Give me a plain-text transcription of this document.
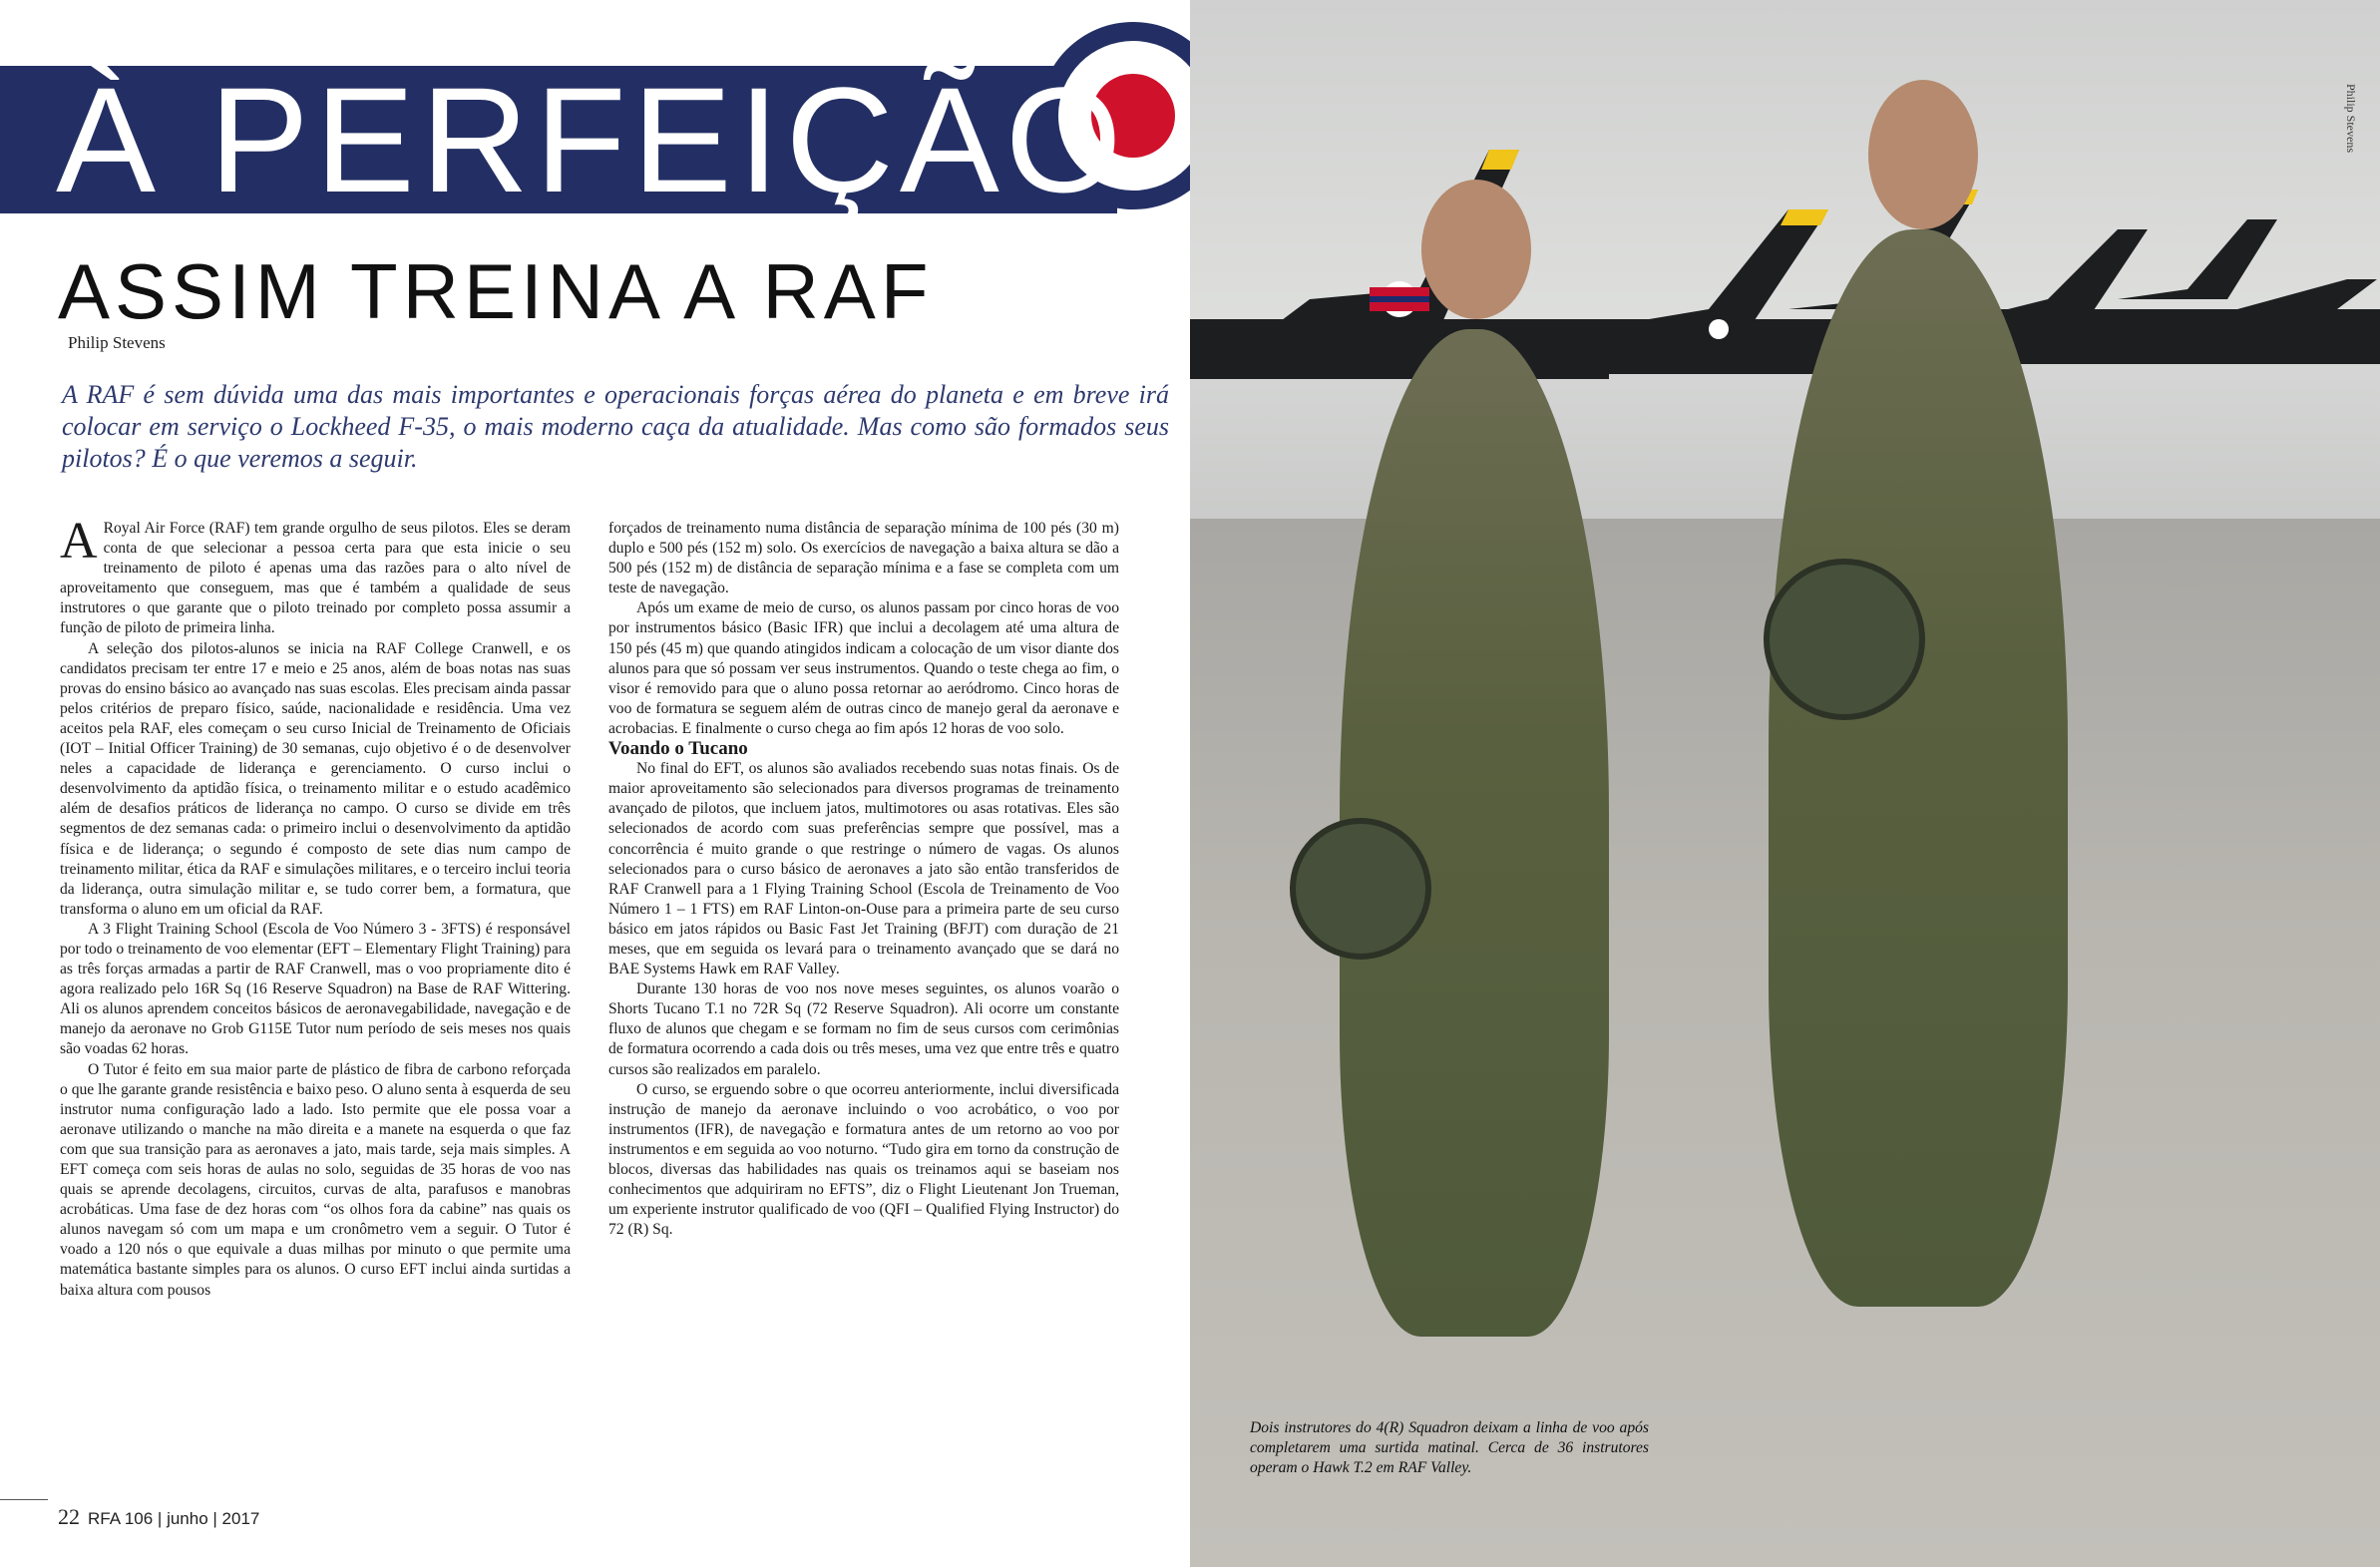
À PERFEIÇÃO
ASSIM TREINA A RAF
Philip Stevens
A RAF é sem dúvida uma das mais importantes e operacionais forças aérea do planeta e em breve irá colocar em serviço o Lockheed F-35, o mais moderno caça da atualidade. Mas como são formados seus pilotos? É o que veremos a seguir.

A Royal Air Force (RAF) tem grande orgulho de seus pilotos. Eles se deram conta de que selecionar a pessoa certa para que esta inicie o seu treinamento de piloto é apenas uma das razões para o alto nível de aproveitamento que conseguem, mas que é também a qualidade de seus instrutores o que garante que o piloto treinado por completo possa assumir a função de piloto de primeira linha.

A seleção dos pilotos-alunos se inicia na RAF College Cranwell, e os candidatos precisam ter entre 17 e meio e 25 anos, além de boas notas nas suas provas do ensino básico ao avançado nas suas escolas. Eles precisam ainda passar pelos critérios de preparo físico, saúde, nacionalidade e residência. Uma vez aceitos pela RAF, eles começam o seu curso Inicial de Treinamento de Oficiais (IOT – Initial Officer Training) de 30 semanas, cujo objetivo é o de desenvolver neles a capacidade de liderança e gerenciamento. O curso inclui o desenvolvimento da aptidão física, o treinamento militar e o estudo acadêmico além de desafios práticos de liderança no campo. O curso se divide em três segmentos de dez semanas cada: o primeiro inclui o desenvolvimento da aptidão física e de liderança; o segundo é composto de sete dias num campo de treinamento militar, ética da RAF e simulações militares, e o terceiro inclui teoria da liderança, outra simulação militar e, se tudo correr bem, a formatura, que transforma o aluno em um oficial da RAF.

A 3 Flight Training School (Escola de Voo Número 3 - 3FTS) é responsável por todo o treinamento de voo elementar (EFT – Elementary Flight Training) para as três forças armadas a partir de RAF Cranwell, mas o voo propriamente dito é agora realizado pelo 16R Sq (16 Reserve Squadron) na Base de RAF Wittering. Ali os alunos aprendem conceitos básicos de aeronavegabilidade, navegação e de manejo da aeronave no Grob G115E Tutor num período de seis meses nos quais são voadas 62 horas.

O Tutor é feito em sua maior parte de plástico de fibra de carbono reforçada o que lhe garante grande resistência e baixo peso. O aluno senta à esquerda de seu instrutor numa configuração lado a lado. Isto permite que ele possa voar a aeronave utilizando o manche na mão direita e a manete na esquerda o que faz com que sua transição para as aeronaves a jato, mais tarde, seja mais simples. A EFT começa com seis horas de aulas no solo, seguidas de 35 horas de voo nas quais se aprende decolagens, circuitos, curvas de alta, parafusos e manobras acrobáticas. Uma fase de dez horas com “os olhos fora da cabine” nas quais os alunos navegam só com um mapa e um cronômetro vem a seguir. O Tutor é voado a 120 nós o que equivale a duas milhas por minuto o que permite uma matemática bastante simples para os alunos. O curso EFT inclui ainda surtidas a baixa altura com pousos

forçados de treinamento numa distância de separação mínima de 100 pés (30 m) duplo e 500 pés (152 m) solo. Os exercícios de navegação a baixa altura se dão a 500 pés (152 m) de distância de separação mínima e a fase se completa com um teste de navegação.

Após um exame de meio de curso, os alunos passam por cinco horas de voo por instrumentos básico (Basic IFR) que inclui a decolagem até uma altura de 150 pés (45 m) que quando atingidos indicam a colocação de um visor diante dos alunos para que só possam ver seus instrumentos. Quando o teste chega ao fim, o visor é removido para que o aluno possa retornar ao aeródromo. Cinco horas de voo de formatura se seguem além de outras cinco de manejo geral da aeronave e acrobacias. E finalmente o curso chega ao fim após 12 horas de voo solo.

Voando o Tucano

No final do EFT, os alunos são avaliados recebendo suas notas finais. Os de maior aproveitamento são selecionados para diversos programas de treinamento avançado de pilotos, que incluem jatos, multimotores ou asas rotativas. Eles são selecionados de acordo com suas preferências sempre que possível, mas a concorrência é muito grande o que restringe o número de vagas. Os alunos selecionados para o curso básico de aeronaves a jato são então transferidos de RAF Cranwell para a 1 Flying Training School (Escola de Treinamento de Voo Número 1 – 1 FTS) em RAF Linton-on-Ouse para a primeira parte de seu curso básico em jatos rápidos ou Basic Fast Jet Training (BFJT) com duração de 21 meses, que em seguida os levará para o treinamento avançado que se dará no BAE Systems Hawk em RAF Valley.

Durante 130 horas de voo nos nove meses seguintes, os alunos voarão o Shorts Tucano T.1 no 72R Sq (72 Reserve Squadron). Ali ocorre um constante fluxo de alunos que chegam e se formam no fim de seus cursos com cerimônias de formatura ocorrendo a cada dois ou três meses, uma vez que entre três e quatro cursos são realizados em paralelo.

O curso, se erguendo sobre o que ocorreu anteriormente, inclui diversificada instrução de manejo da aeronave incluindo o voo acrobático, o voo por instrumentos (IFR), de navegação e formatura antes de um retorno ao voo por instrumentos e em seguida ao voo noturno. “Tudo gira em torno da construção de blocos, diversas das habilidades nas quais os treinamos aqui se baseiam nos conhecimentos que adquiriram no EFTS”, diz o Flight Lieutenant Jon Trueman, um experiente instrutor qualificado de voo (QFI – Qualified Flying Instructor) do 72 (R) Sq.

22 RFA 106 | junho | 2017
Philip Stevens
Dois instrutores do 4(R) Squadron deixam a linha de voo após completarem uma surtida matinal. Cerca de 36 instrutores operam o Hawk T.2 em RAF Valley.
